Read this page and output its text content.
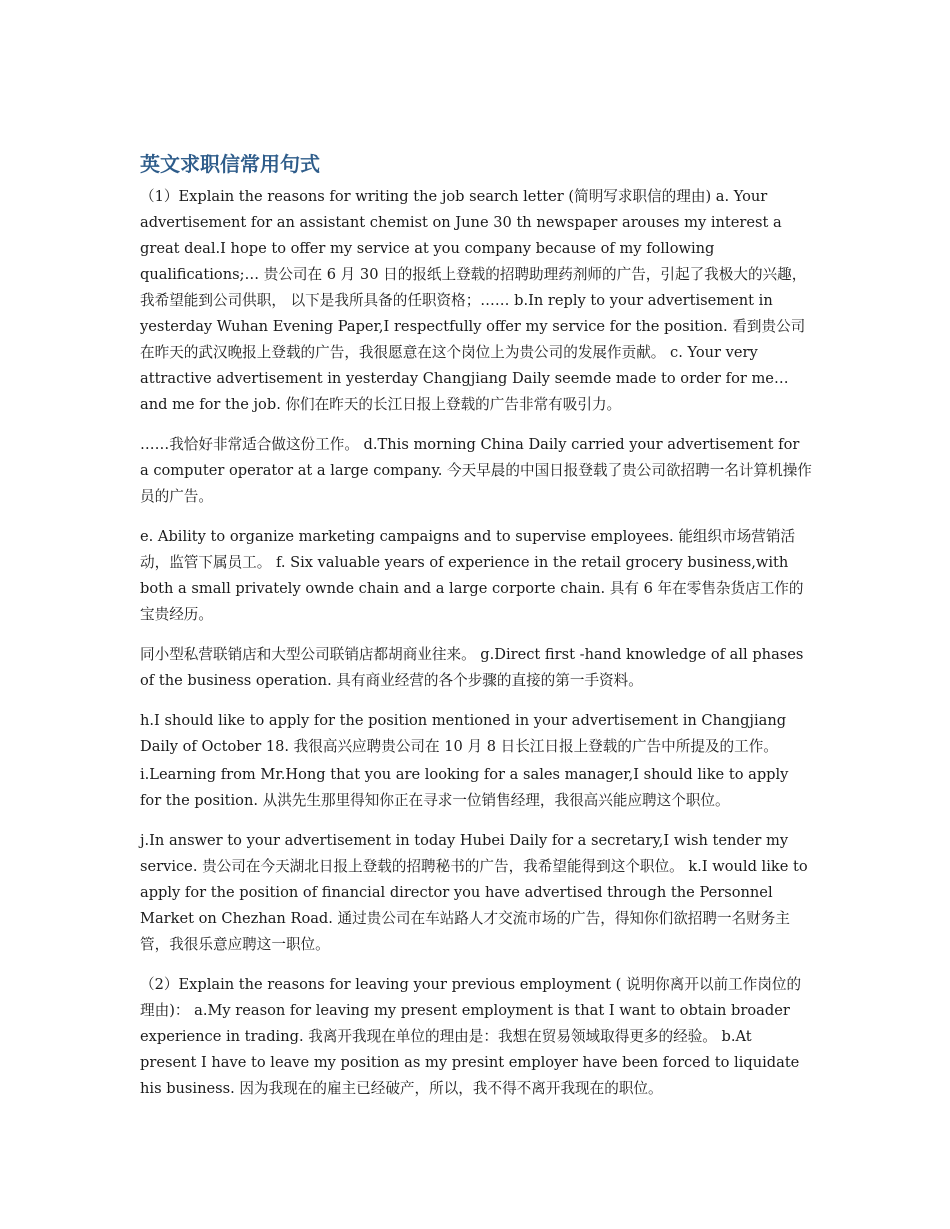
英文求职信常用句式

（1）Explain the reasons for writing the job search letter (简明写求职信的理由) a. Your advertisement for an assistant chemist on June 30 th newspaper arouses my interest a great deal.I hope to offer my service at you company because of my following qualifications;… 贵公司在 6 月 30 日的报纸上登载的招聘助理药剂师的广告，引起了我极大的兴趣，我希望能到公司供职， 以下是我所具备的任职资格；…… b.In reply to your advertisement in yesterday Wuhan Evening Paper,I respectfully offer my service for the position. 看到贵公司在昨天的武汉晚报上登载的广告，我很愿意在这个岗位上为贵公司的发展作贡献。 c. Your very attractive advertisement in yesterday Changjiang Daily seemde made to order for me…and me for the job. 你们在昨天的长江日报上登载的广告非常有吸引力。

……我恰好非常适合做这份工作。 d.This morning China Daily carried your advertisement for a computer operator at a large company. 今天早晨的中国日报登载了贵公司欲招聘一名计算机操作员的广告。

e. Ability to organize marketing campaigns and to supervise employees. 能组织市场营销活动，监管下属员工。 f. Six valuable years of experience in the retail grocery business,with both a small privately ownde chain and a large corporte chain. 具有 6 年在零售杂货店工作的宝贵经历。

同小型私营联销店和大型公司联销店都胡商业往来。 g.Direct first -hand knowledge of all phases of the business operation. 具有商业经营的各个步骤的直接的第一手资料。

h.I should like to apply for the position mentioned in your advertisement in Changjiang Daily of October 18. 我很高兴应聘贵公司在 10 月 8 日长江日报上登载的广告中所提及的工作。

i.Learning from Mr.Hong that you are looking for a sales manager,I should like to apply for the position. 从洪先生那里得知你正在寻求一位销售经理，我很高兴能应聘这个职位。

j.In answer to your advertisement in today Hubei Daily for a secretary,I wish tender my service. 贵公司在今天湖北日报上登载的招聘秘书的广告，我希望能得到这个职位。 k.I would like to apply for the position of financial director you have advertised through the Personnel Market on Chezhan Road. 通过贵公司在车站路人才交流市场的广告，得知你们欲招聘一名财务主管，我很乐意应聘这一职位。

（2）Explain the reasons for leaving your previous employment ( 说明你离开以前工作岗位的理由)： a.My reason for leaving my present employment is that I want to obtain broader experience in trading. 我离开我现在单位的理由是：我想在贸易领域取得更多的经验。 b.At present I have to leave my position as my presint employer have been forced to liquidate his business. 因为我现在的雇主已经破产，所以，我不得不离开我现在的职位。
